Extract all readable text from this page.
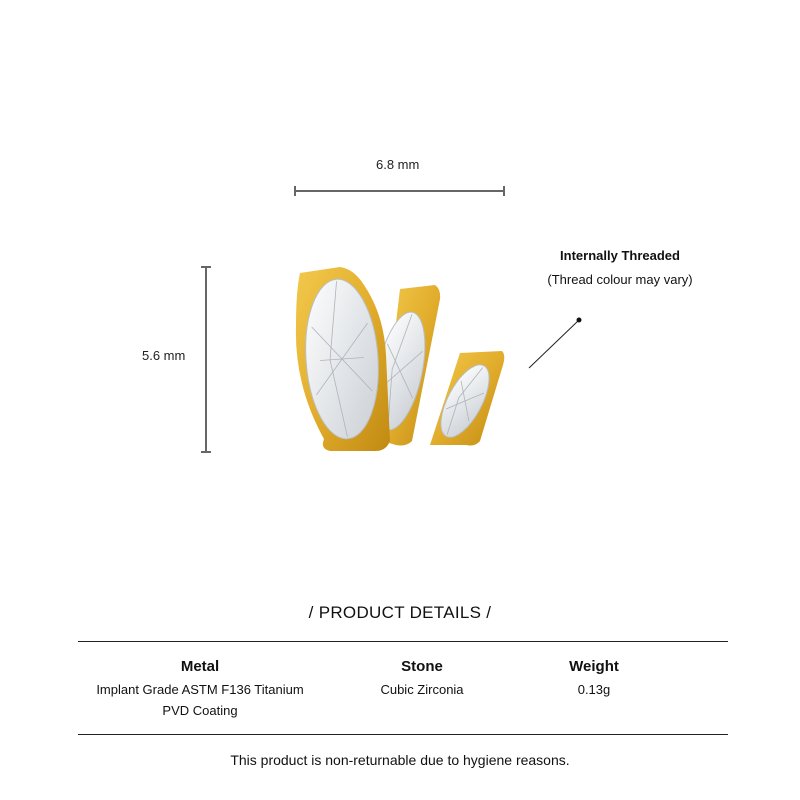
6.8 mm
5.6 mm
Internally Threaded
(Thread colour may vary)
/ PRODUCT DETAILS /
Metal
Implant Grade ASTM F136 Titanium
PVD Coating
Stone
Cubic Zirconia
Weight
0.13g
This product is non-returnable due to hygiene reasons.
